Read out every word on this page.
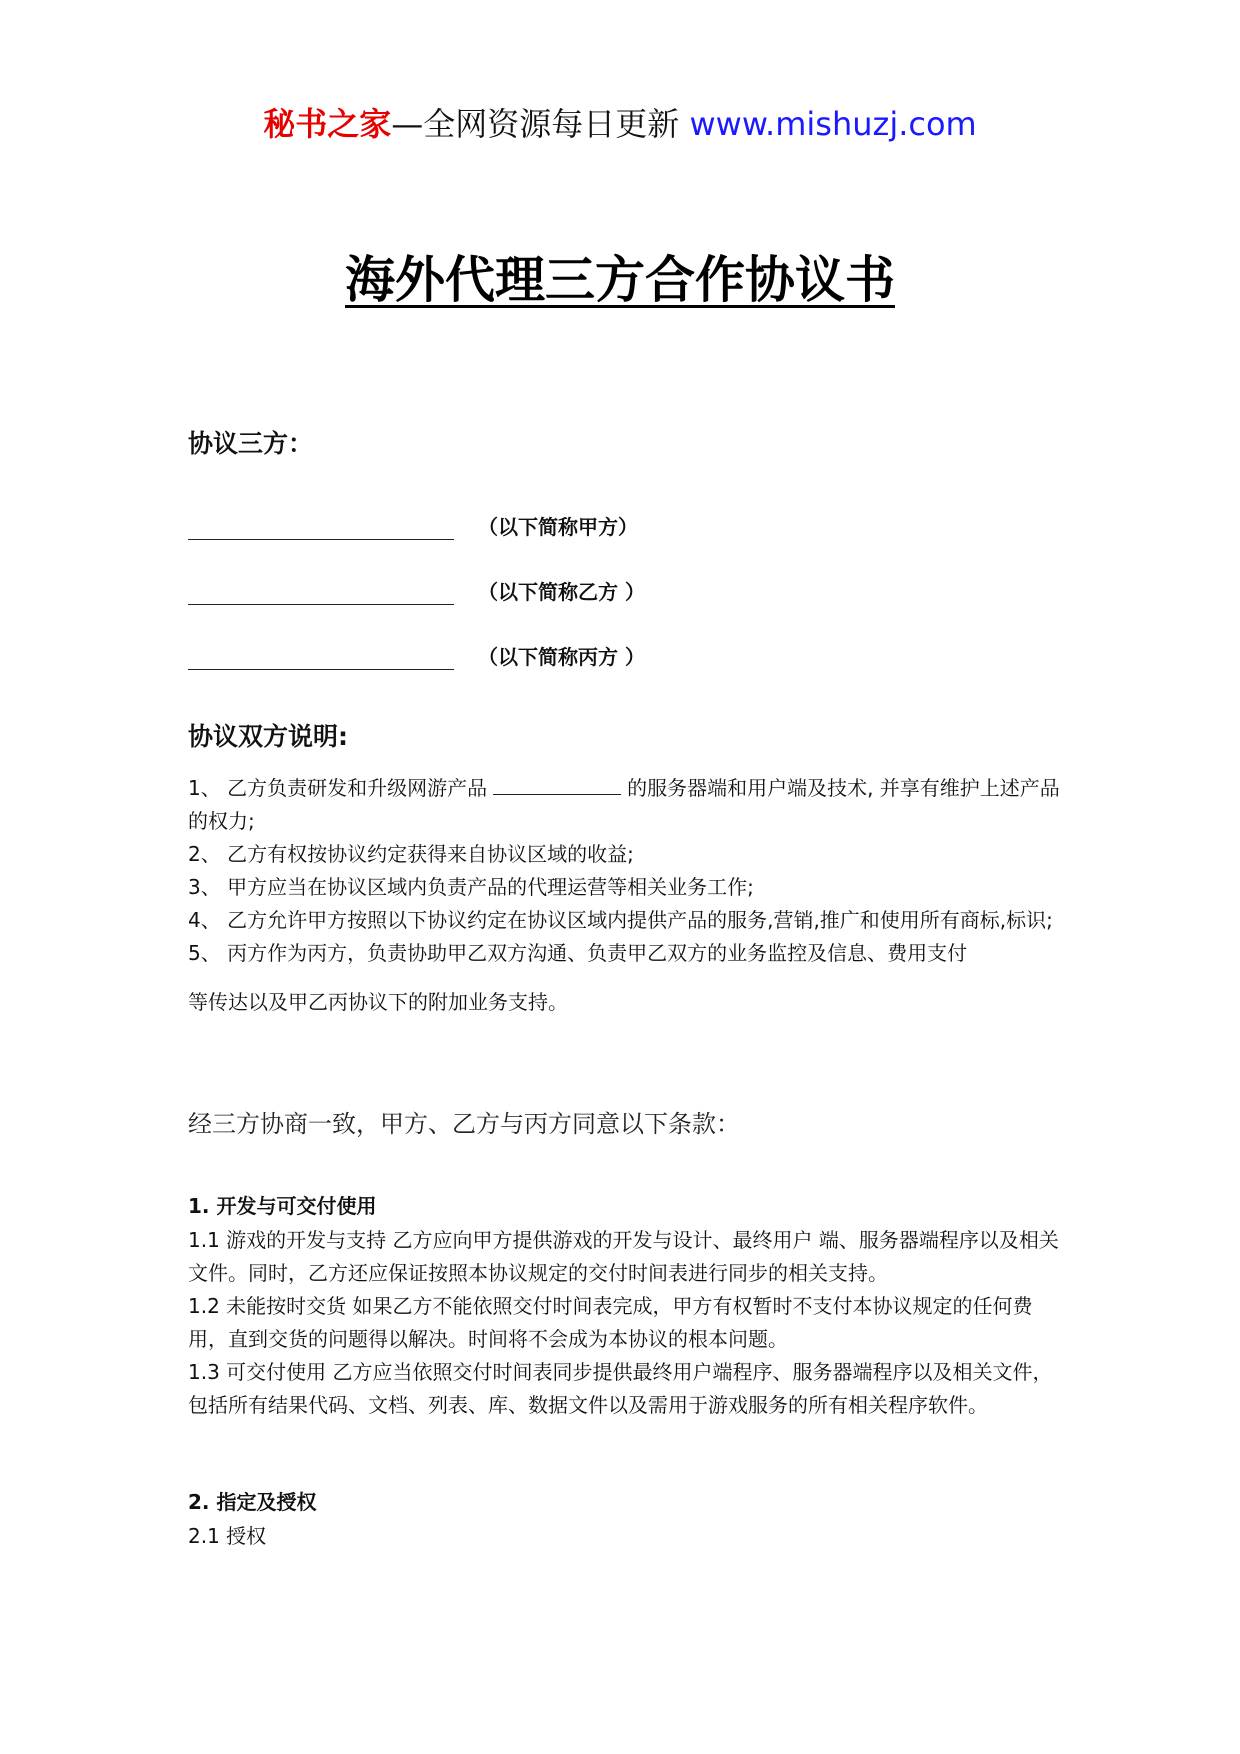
秘书之家—全网资源每日更新 www.mishuzj.com
海外代理三方合作协议书
协议三方：
（以下简称甲方）
（以下简称乙方 ）
（以下简称丙方 ）
协议双方说明:

1、 乙方负责研发和升级网游产品	的服务器端和用户端及技术, 并享有维护上述产品的权力;

2、 乙方有权按协议约定获得来自协议区域的收益;

3、 甲方应当在协议区域内负责产品的代理运营等相关业务工作;

4、 乙方允许甲方按照以下协议约定在协议区域内提供产品的服务,营销,推广和使用所有商标,标识;

5、 丙方作为丙方，负责协助甲乙双方沟通、负责甲乙双方的业务监控及信息、费用支付

等传达以及甲乙丙协议下的附加业务支持。

经三方协商一致，甲方、乙方与丙方同意以下条款：
1. 开发与可交付使用

1.1 游戏的开发与支持 乙方应向甲方提供游戏的开发与设计、最终用户 端、服务器端程序以及相关文件。同时，乙方还应保证按照本协议规定的交付时间表进行同步的相关支持。

1.2 未能按时交货 如果乙方不能依照交付时间表完成，甲方有权暂时不支付本协议规定的任何费用，直到交货的问题得以解决。时间将不会成为本协议的根本问题。

1.3 可交付使用 乙方应当依照交付时间表同步提供最终用户端程序、服务器端程序以及相关文件，包括所有结果代码、文档、列表、库、数据文件以及需用于游戏服务的所有相关程序软件。

2. 指定及授权

2.1 授权
